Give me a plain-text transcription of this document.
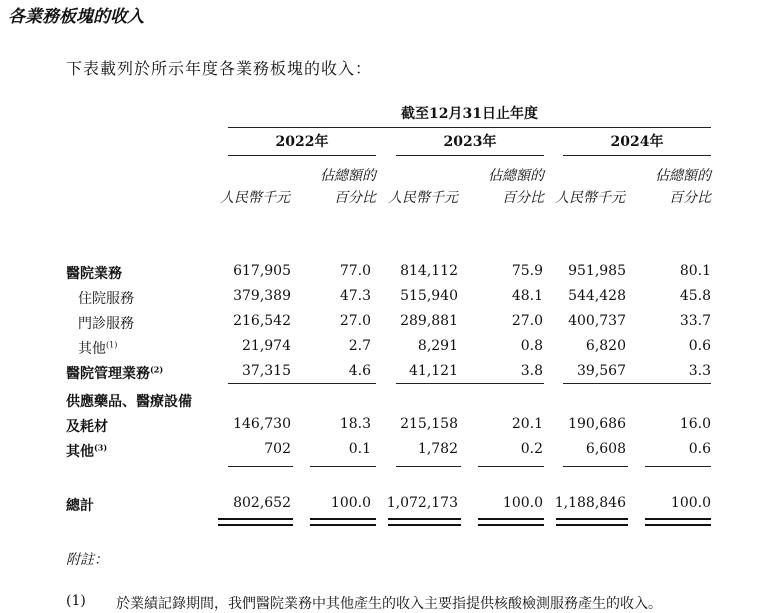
各業務板塊的收入
下表載列於所示年度各業務板塊的收入：
截至12月31日止年度
2022年	2023年	2024年
人民幣千元
佔總額的
百分比 人民幣千元
佔總額的
百分比 人民幣千元
佔總額的
百分比
醫院業務	617,905	77.0	814,112	75.9	951,985	80.1
住院服務	379,389	47.3	515,940	48.1	544,428	45.8
門診服務	216,542	27.0	289,881	27.0	400,737	33.7
其他$^{(1)}$	21,974	2.7	8,291	0.8	6,820	0.6
醫院管理業務$^{(2)}$	37,315	4.6	41,121	3.8	39,567	3.3
供應藥品、醫療設備
及耗材	146,730	18.3	215,158	20.1	190,686	16.0
其他$^{(3)}$	702	0.1	1,782	0.2	6,608	0.6
總計	802,652	100.0	1,072,173	100.0 1,188,846	100.0
附註：
(1) 於業績記錄期間，我們醫院業務中其他產生的收入主要指提供核酸檢測服務產生的收入。
